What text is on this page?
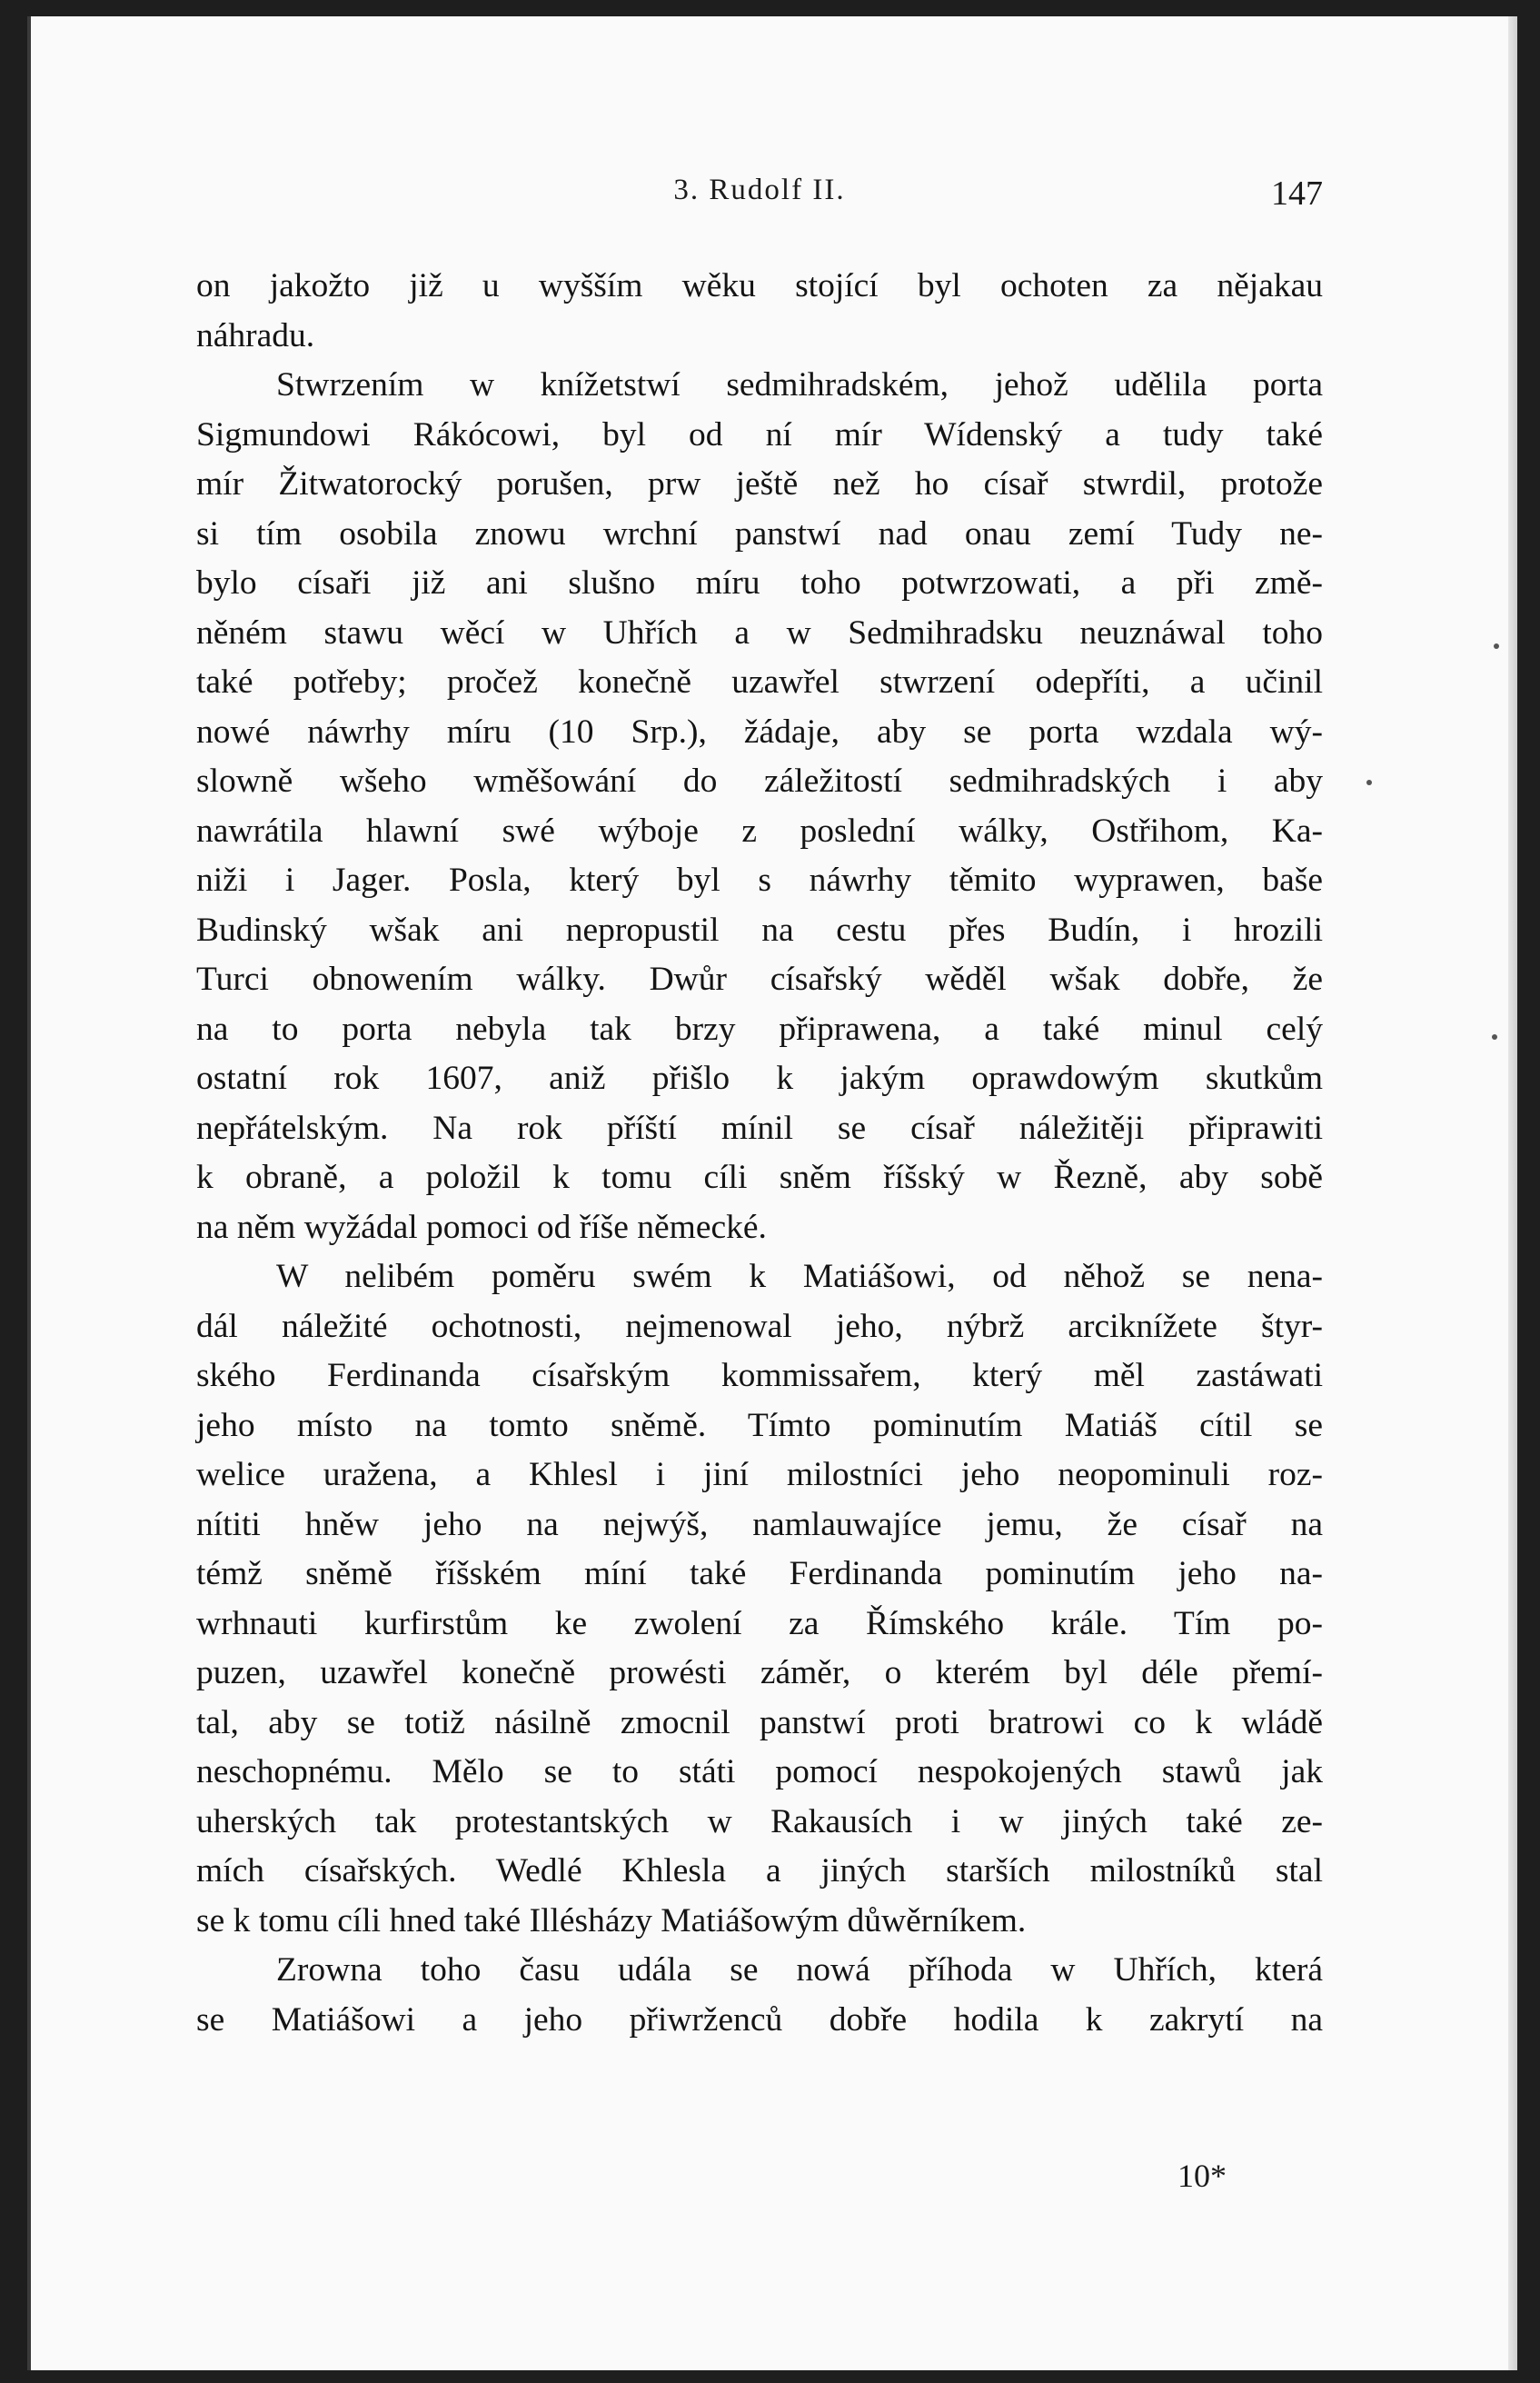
3. Rudolf II.	147
on jakožto již u wyšším wěku stojící byl ochoten za nějakau
náhradu.
Stwrzením w knížetstwí sedmihradském, jehož udělila porta
Sigmundowi Rákócowi, byl od ní mír Wídenský a tudy také
mír Žitwatorocký porušen, prw ještě než ho císař stwrdil, protože
si tím osobila znowu wrchní panstwí nad onau zemí Tudy ne-
bylo císaři již ani slušno míru toho potwrzowati, a při změ-
něném stawu wěcí w Uhřích a w Sedmihradsku neuznáwal toho
také potřeby; pročež konečně uzawřel stwrzení odepříti, a učinil
nowé náwrhy míru (10 Srp.), žádaje, aby se porta wzdala wý-
slowně wšeho wměšowání do záležitostí sedmihradských i aby
nawrátila hlawní swé wýboje z poslední wálky, Ostřihom, Ka-
niži i Jager. Posla, který byl s náwrhy těmito wyprawen, baše
Budinský wšak ani nepropustil na cestu přes Budín, i hrozili
Turci obnowením wálky. Dwůr císařský wěděl wšak dobře, že
na to porta nebyla tak brzy připrawena, a také minul celý
ostatní rok 1607, aniž přišlo k jakým oprawdowým skutkům
nepřátelským. Na rok příští mínil se císař náležitěji připrawiti
k obraně, a položil k tomu cíli sněm říšský w Řezně, aby sobě
na něm wyžádal pomoci od říše německé.
W nelibém poměru swém k Matiášowi, od něhož se nena-
dál náležité ochotnosti, nejmenowal jeho, nýbrž arciknížete štyr-
ského Ferdinanda císařským kommissařem, který měl zastáwati
jeho místo na tomto sněmě. Tímto pominutím Matiáš cítil se
welice uražena, a Khlesl i jiní milostníci jeho neopominuli roz-
nítiti hněw jeho na nejwýš, namlauwajíce jemu, že císař na
témž sněmě říšském míní také Ferdinanda pominutím jeho na-
wrhnauti kurfirstům ke zwolení za Římského krále. Tím po-
puzen, uzawřel konečně prowésti záměr, o kterém byl déle přemí-
tal, aby se totiž násilně zmocnil panstwí proti bratrowi co k wládě
neschopnému. Mělo se to státi pomocí nespokojených stawů jak
uherských tak protestantských w Rakausích i w jiných také ze-
mích císařských. Wedlé Khlesla a jiných starších milostníků stal
se k tomu cíli hned také Illésházy Matiášowým důwěrníkem.
Zrowna toho času udála se nowá příhoda w Uhřích, která
se Matiášowi a jeho přiwrženců dobře hodila k zakrytí na
10*
